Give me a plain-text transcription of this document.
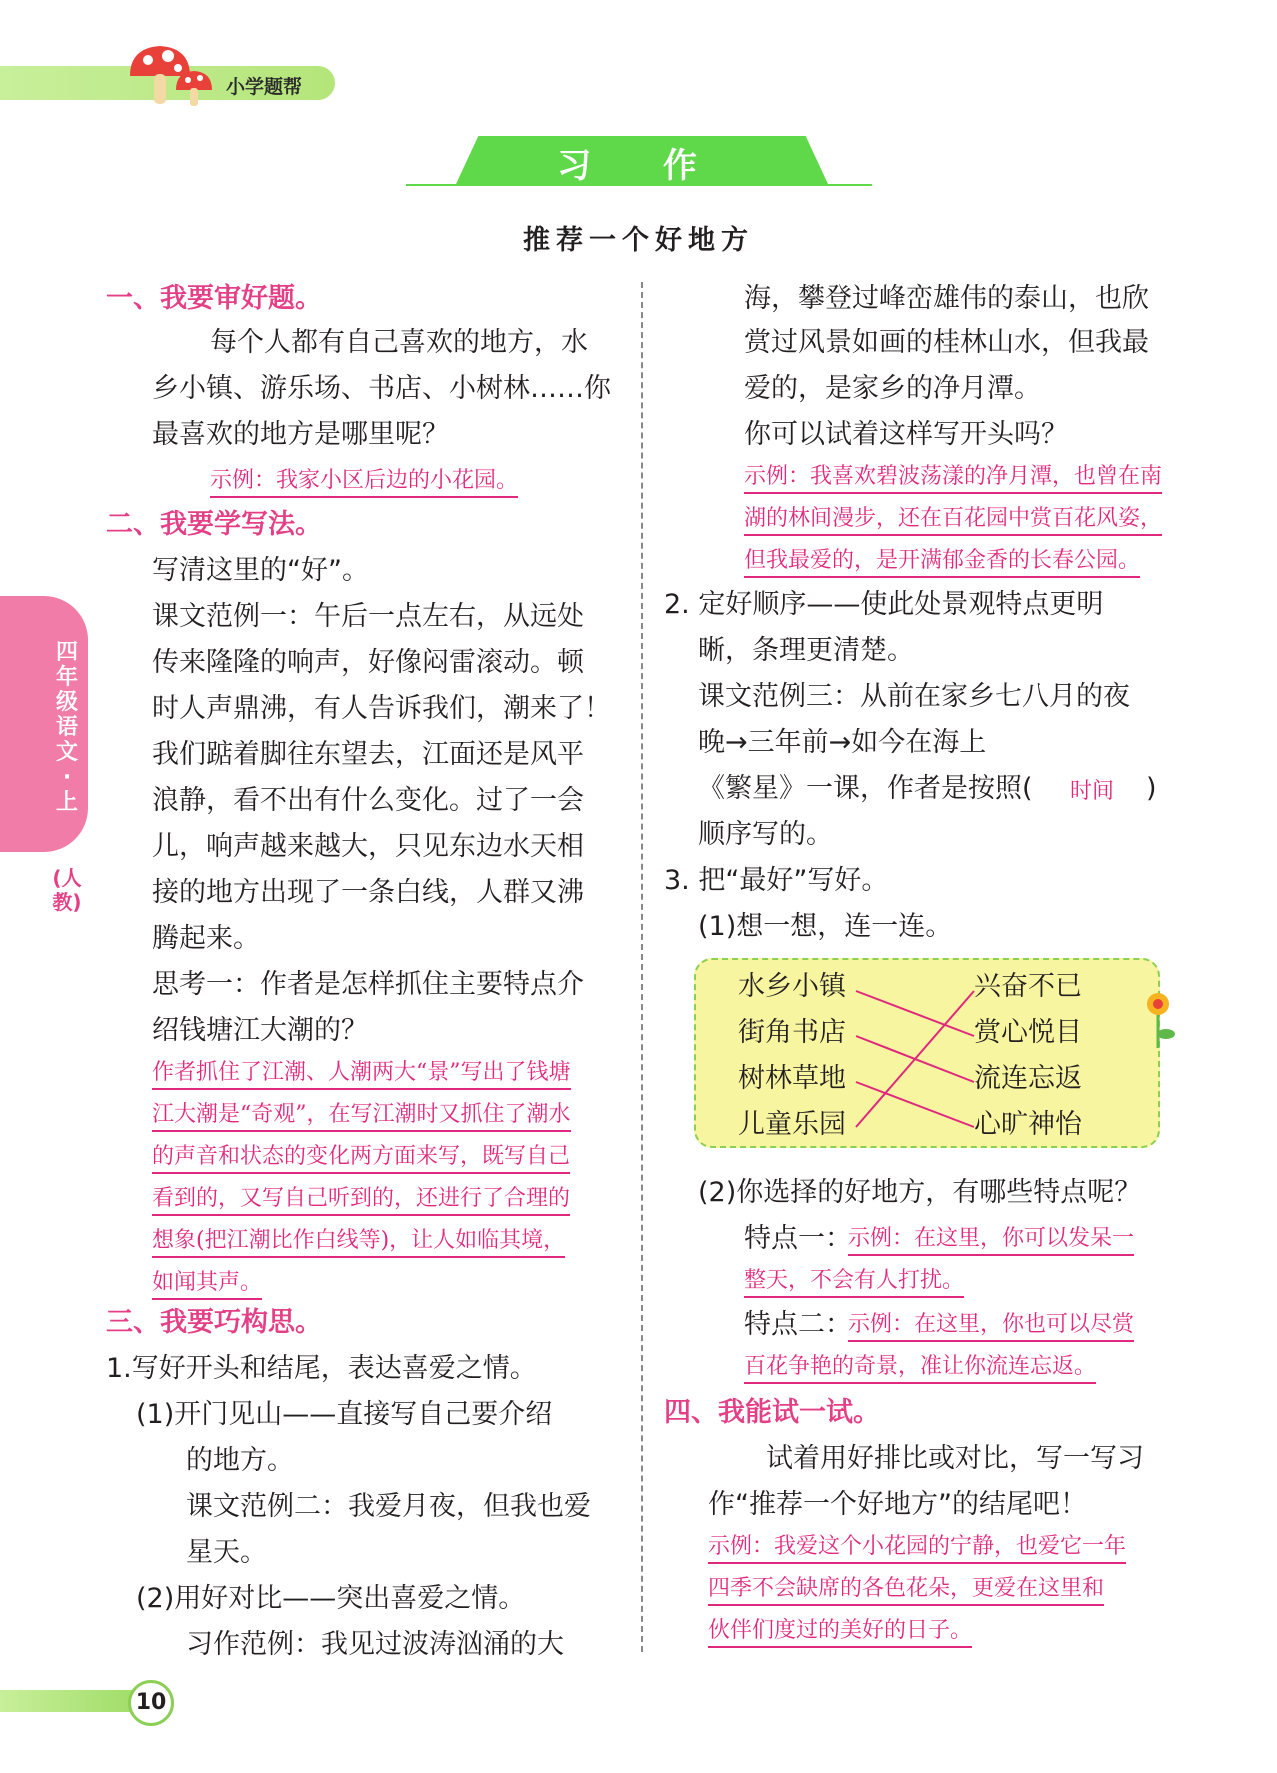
小学题帮
习 作
推荐一个好地方
四年级语文·上
(人教)
一、我要审好题。
每个人都有自己喜欢的地方，水
乡小镇、游乐场、书店、小树林……你
最喜欢的地方是哪里呢？
示例：我家小区后边的小花园。
二、我要学写法。
写清这里的“好”。
课文范例一：午后一点左右，从远处
传来隆隆的响声，好像闷雷滚动。顿
时人声鼎沸，有人告诉我们，潮来了！
我们踮着脚往东望去，江面还是风平
浪静，看不出有什么变化。过了一会
儿，响声越来越大，只见东边水天相
接的地方出现了一条白线，人群又沸
腾起来。
思考一：作者是怎样抓住主要特点介
绍钱塘江大潮的？
作者抓住了江潮、人潮两大“景”写出了钱塘
江大潮是“奇观”，在写江潮时又抓住了潮水
的声音和状态的变化两方面来写，既写自己
看到的，又写自己听到的，还进行了合理的
想象(把江潮比作白线等)，让人如临其境，
如闻其声。
三、我要巧构思。
1.写好开头和结尾，表达喜爱之情。
(1)开门见山——直接写自己要介绍
的地方。
课文范例二：我爱月夜，但我也爱
星天。
(2)用好对比——突出喜爱之情。
习作范例：我见过波涛汹涌的大
海，攀登过峰峦雄伟的泰山，也欣
赏过风景如画的桂林山水，但我最
爱的，是家乡的净月潭。
你可以试着这样写开头吗？
示例：我喜欢碧波荡漾的净月潭，也曾在南
湖的林间漫步，还在百花园中赏百花风姿，
但我最爱的，是开满郁金香的长春公园。
2. 定好顺序——使此处景观特点更明
晰，条理更清楚。
课文范例三：从前在家乡七八月的夜
晚→三年前→如今在海上
《繁星》一课，作者是按照( 时间 )
顺序写的。
3. 把“最好”写好。
(1)想一想，连一连。
水乡小镇
街角书店
树林草地
儿童乐园
兴奋不已
赏心悦目
流连忘返
心旷神怡
(2)你选择的好地方，有哪些特点呢？
特点一：
示例：在这里，你可以发呆一
整天，不会有人打扰。
特点二：
示例：在这里，你也可以尽赏
百花争艳的奇景，准让你流连忘返。
四、我能试一试。
试着用好排比或对比，写一写习
作“推荐一个好地方”的结尾吧！
示例：我爱这个小花园的宁静，也爱它一年
四季不会缺席的各色花朵，更爱在这里和
伙伴们度过的美好的日子。
10
